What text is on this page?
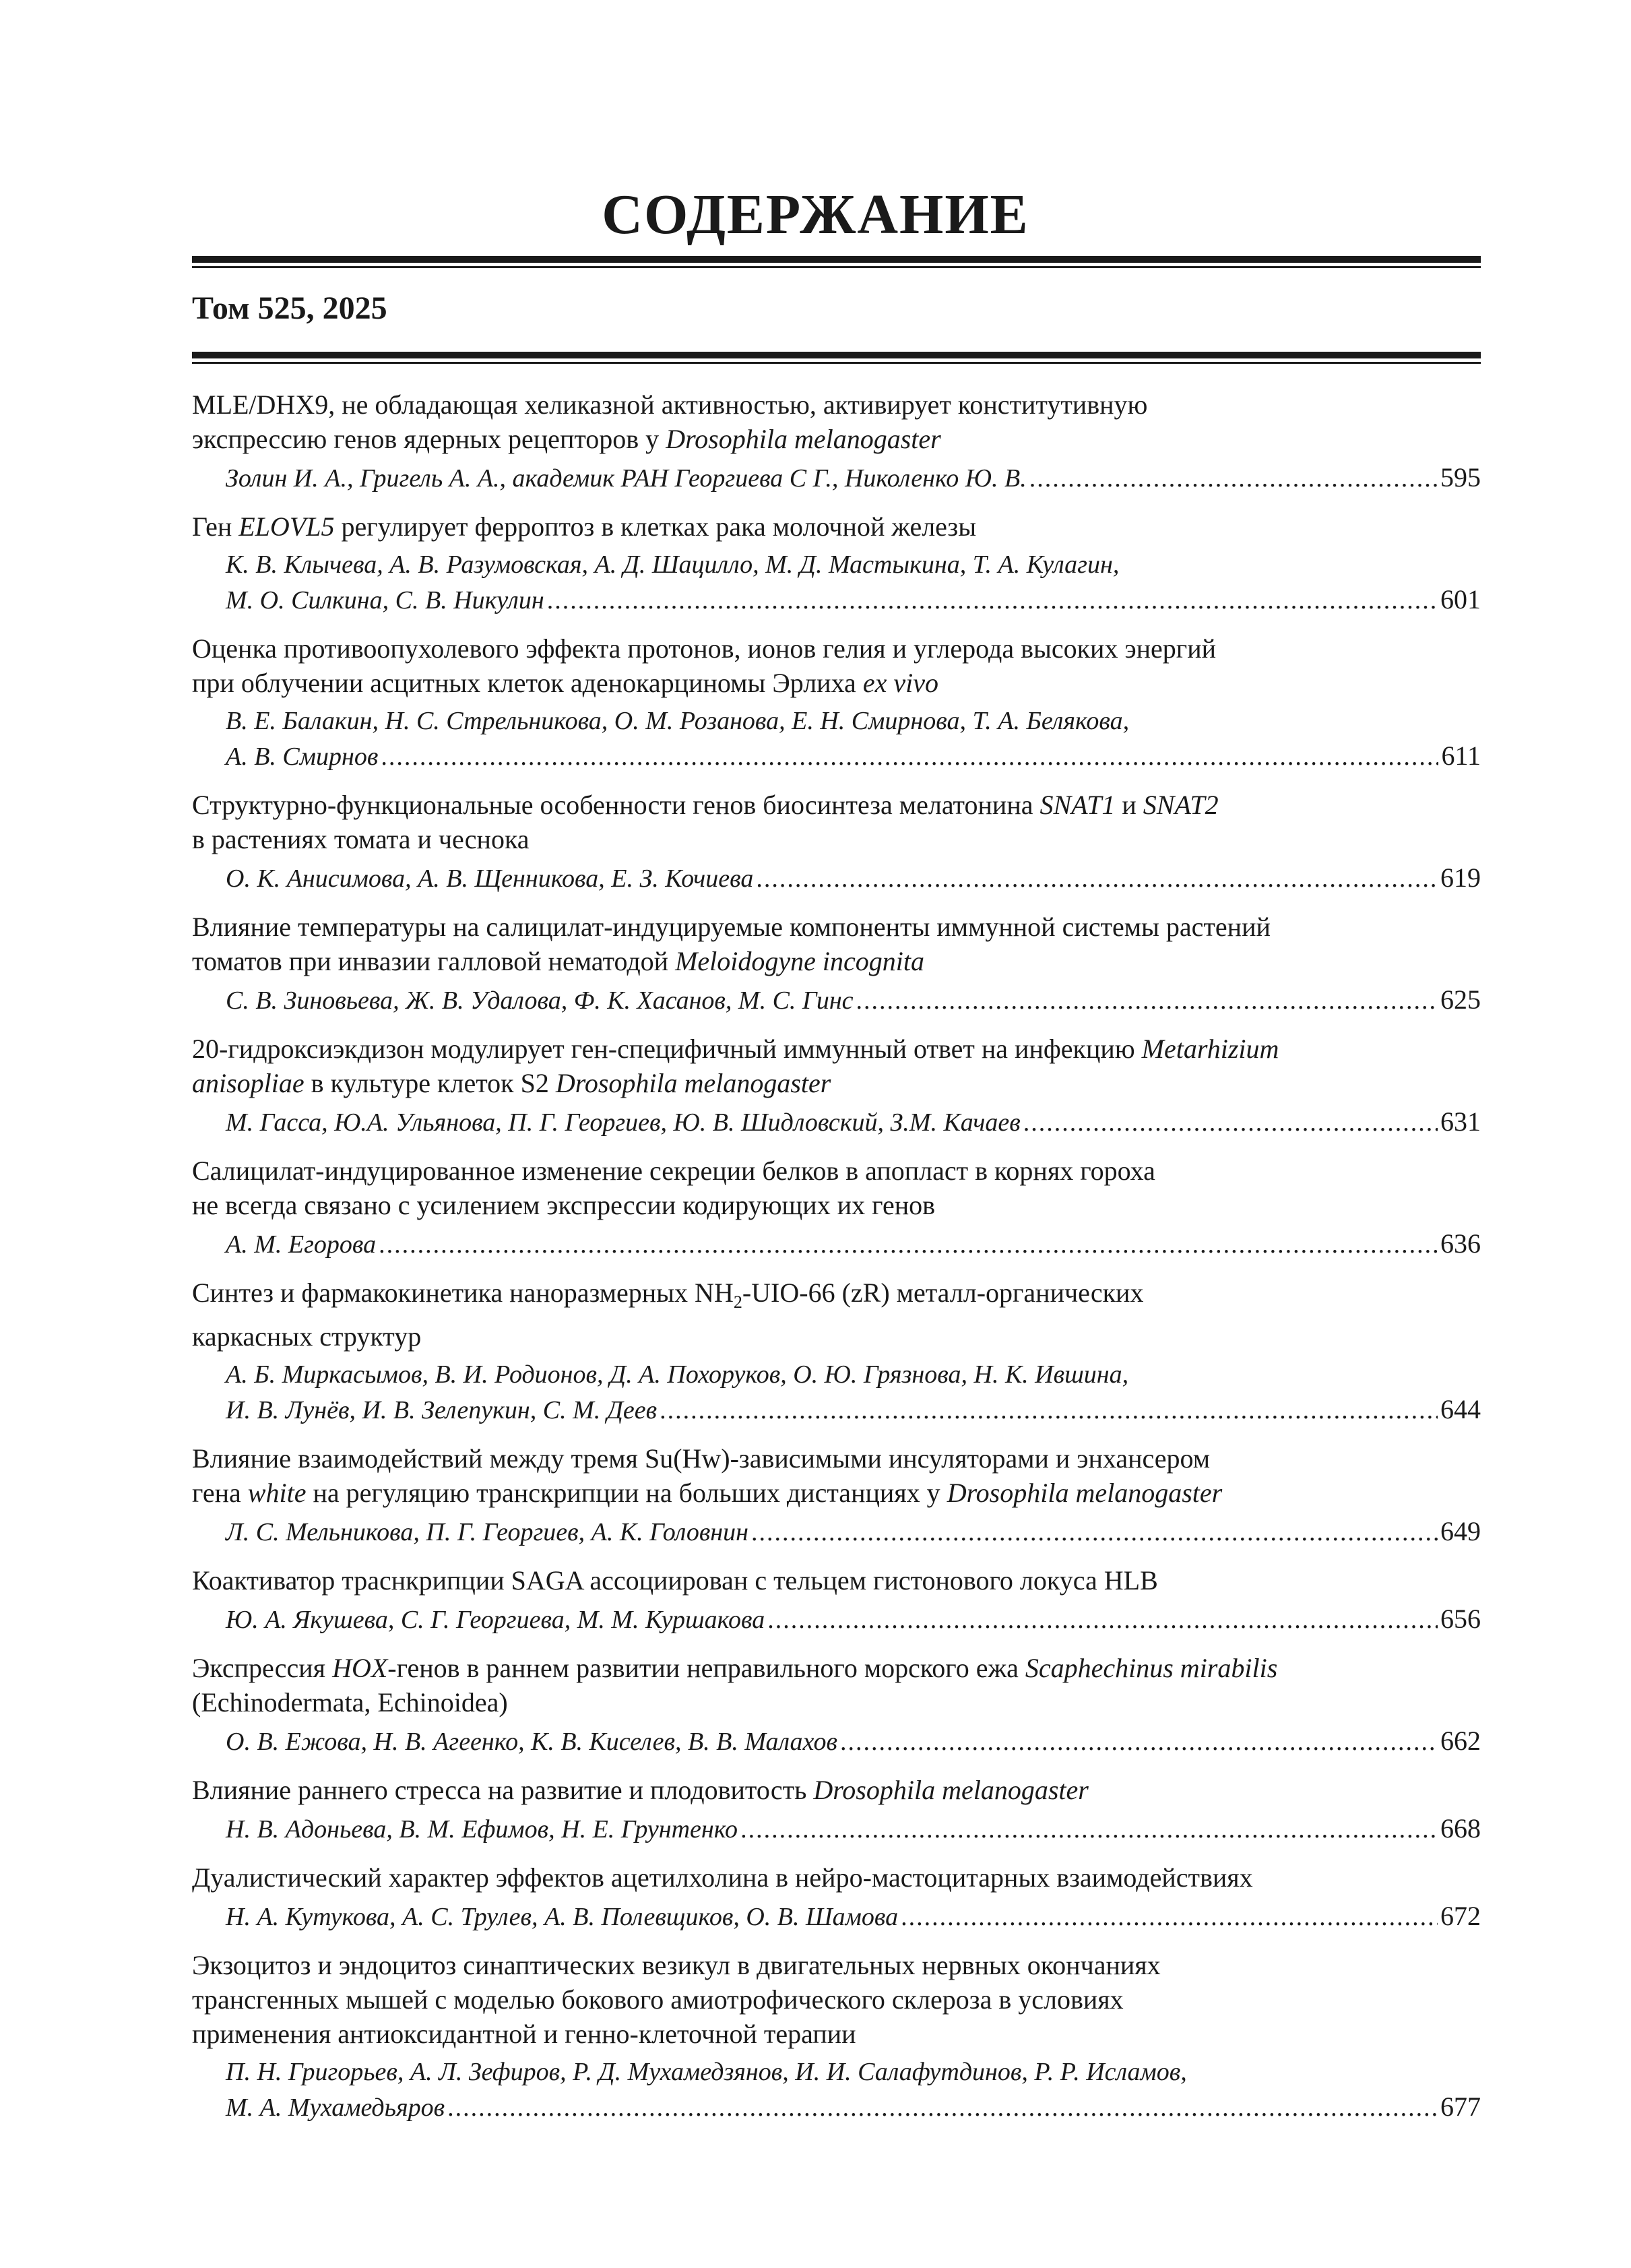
СОДЕРЖАНИЕ
Том 525, 2025
MLE/DHX9, не обладающая хеликазной активностью, активирует конститутивную
экспрессию генов ядерных рецепторов у Drosophila melanogaster
Золин И. А., Григель А. А., академик РАН Георгиева С Г., Николенко Ю. В. .....	595
Ген ELOVL5 регулирует ферроптоз в клетках рака молочной железы
К. В. Клычева, А. В. Разумовская, А. Д. Шацилло, М. Д. Мастыкина, Т. А. Кулагин,
М. О. Силкина, С. В. Никулин .....	601
Оценка противоопухолевого эффекта протонов, ионов гелия и углерода высоких энергий
при облучении асцитных клеток аденокарциномы Эрлиха ex vivo
В. Е. Балакин, Н. С. Стрельникова, О. М. Розанова, Е. Н. Смирнова, Т. А. Белякова,
А. В. Смирнов .....	611
Структурно-функциональные особенности генов биосинтеза мелатонина SNAT1 и SNAT2
в растениях томата и чеснока
О. К. Анисимова, А. В. Щенникова, Е. З. Кочиева .....	619
Влияние температуры на салицилат-индуцируемые компоненты иммунной системы растений
томатов при инвазии галловой нематодой Meloidogyne incognita
С. В. Зиновьева, Ж. В. Удалова, Ф. К. Хасанов, М. С. Гинс .....	625
20-гидроксиэкдизон модулирует ген-специфичный иммунный ответ на инфекцию Metarhizium
anisopliae в культуре клеток S2 Drosophila melanogaster
М. Гасса, Ю.А. Ульянова, П. Г. Георгиев, Ю. В. Шидловский, З.М. Качаев .....	631
Салицилат-индуцированное изменение секреции белков в апопласт в корнях гороха
не всегда связано с усилением экспрессии кодирующих их генов
А. М. Егорова .....	636
Синтез и фармакокинетика наноразмерных $NH_2-UIO-66$ (zR) металл-органических
каркасных структур
А. Б. Миркасымов, В. И. Родионов, Д. А. Похоруков, О. Ю. Грязнова, Н. К. Ившина,
И. В. Лунёв, И. В. Зелепукин, С. М. Деев .....	644
Влияние взаимодействий между тремя Su(Hw)-зависимыми инсуляторами и энхансером
гена white на регуляцию транскрипции на больших дистанциях у Drosophila melanogaster
Л. С. Мельникова, П. Г. Георгиев, А. К. Головнин .....	649
Коактиватор траснкрипции SAGA ассоциирован с тельцем гистонового локуса HLB
Ю. А. Якушева, С. Г. Георгиева, М. М. Куршакова .....	656
Экспрессия HOX-генов в раннем развитии неправильного морского ежа Scaphechinus mirabilis
(Echinodermata, Echinoidea)
О. В. Ежова, Н. В. Агеенко, К. В. Киселев, В. В. Малахов .....	662
Влияние раннего стресса на развитие и плодовитость Drosophila melanogaster
Н. В. Адоньева, В. М. Ефимов, Н. Е. Грунтенко .....	668
Дуалистический характер эффектов ацетилхолина в нейро-мастоцитарных взаимодействиях
Н. А. Кутукова, А. С. Трулев, А. В. Полевщиков, О. В. Шамова .....	672
Экзоцитоз и эндоцитоз синаптических везикул в двигательных нервных окончаниях
трансгенных мышей с моделью бокового амиотрофического склероза в условиях
применения антиоксидантной и генно-клеточной терапии
П. Н. Григорьев, А. Л. Зефиров, Р. Д. Мухамедзянов, И. И. Салафутдинов, Р. Р. Исламов,
М. А. Мухамедьяров .....	677
